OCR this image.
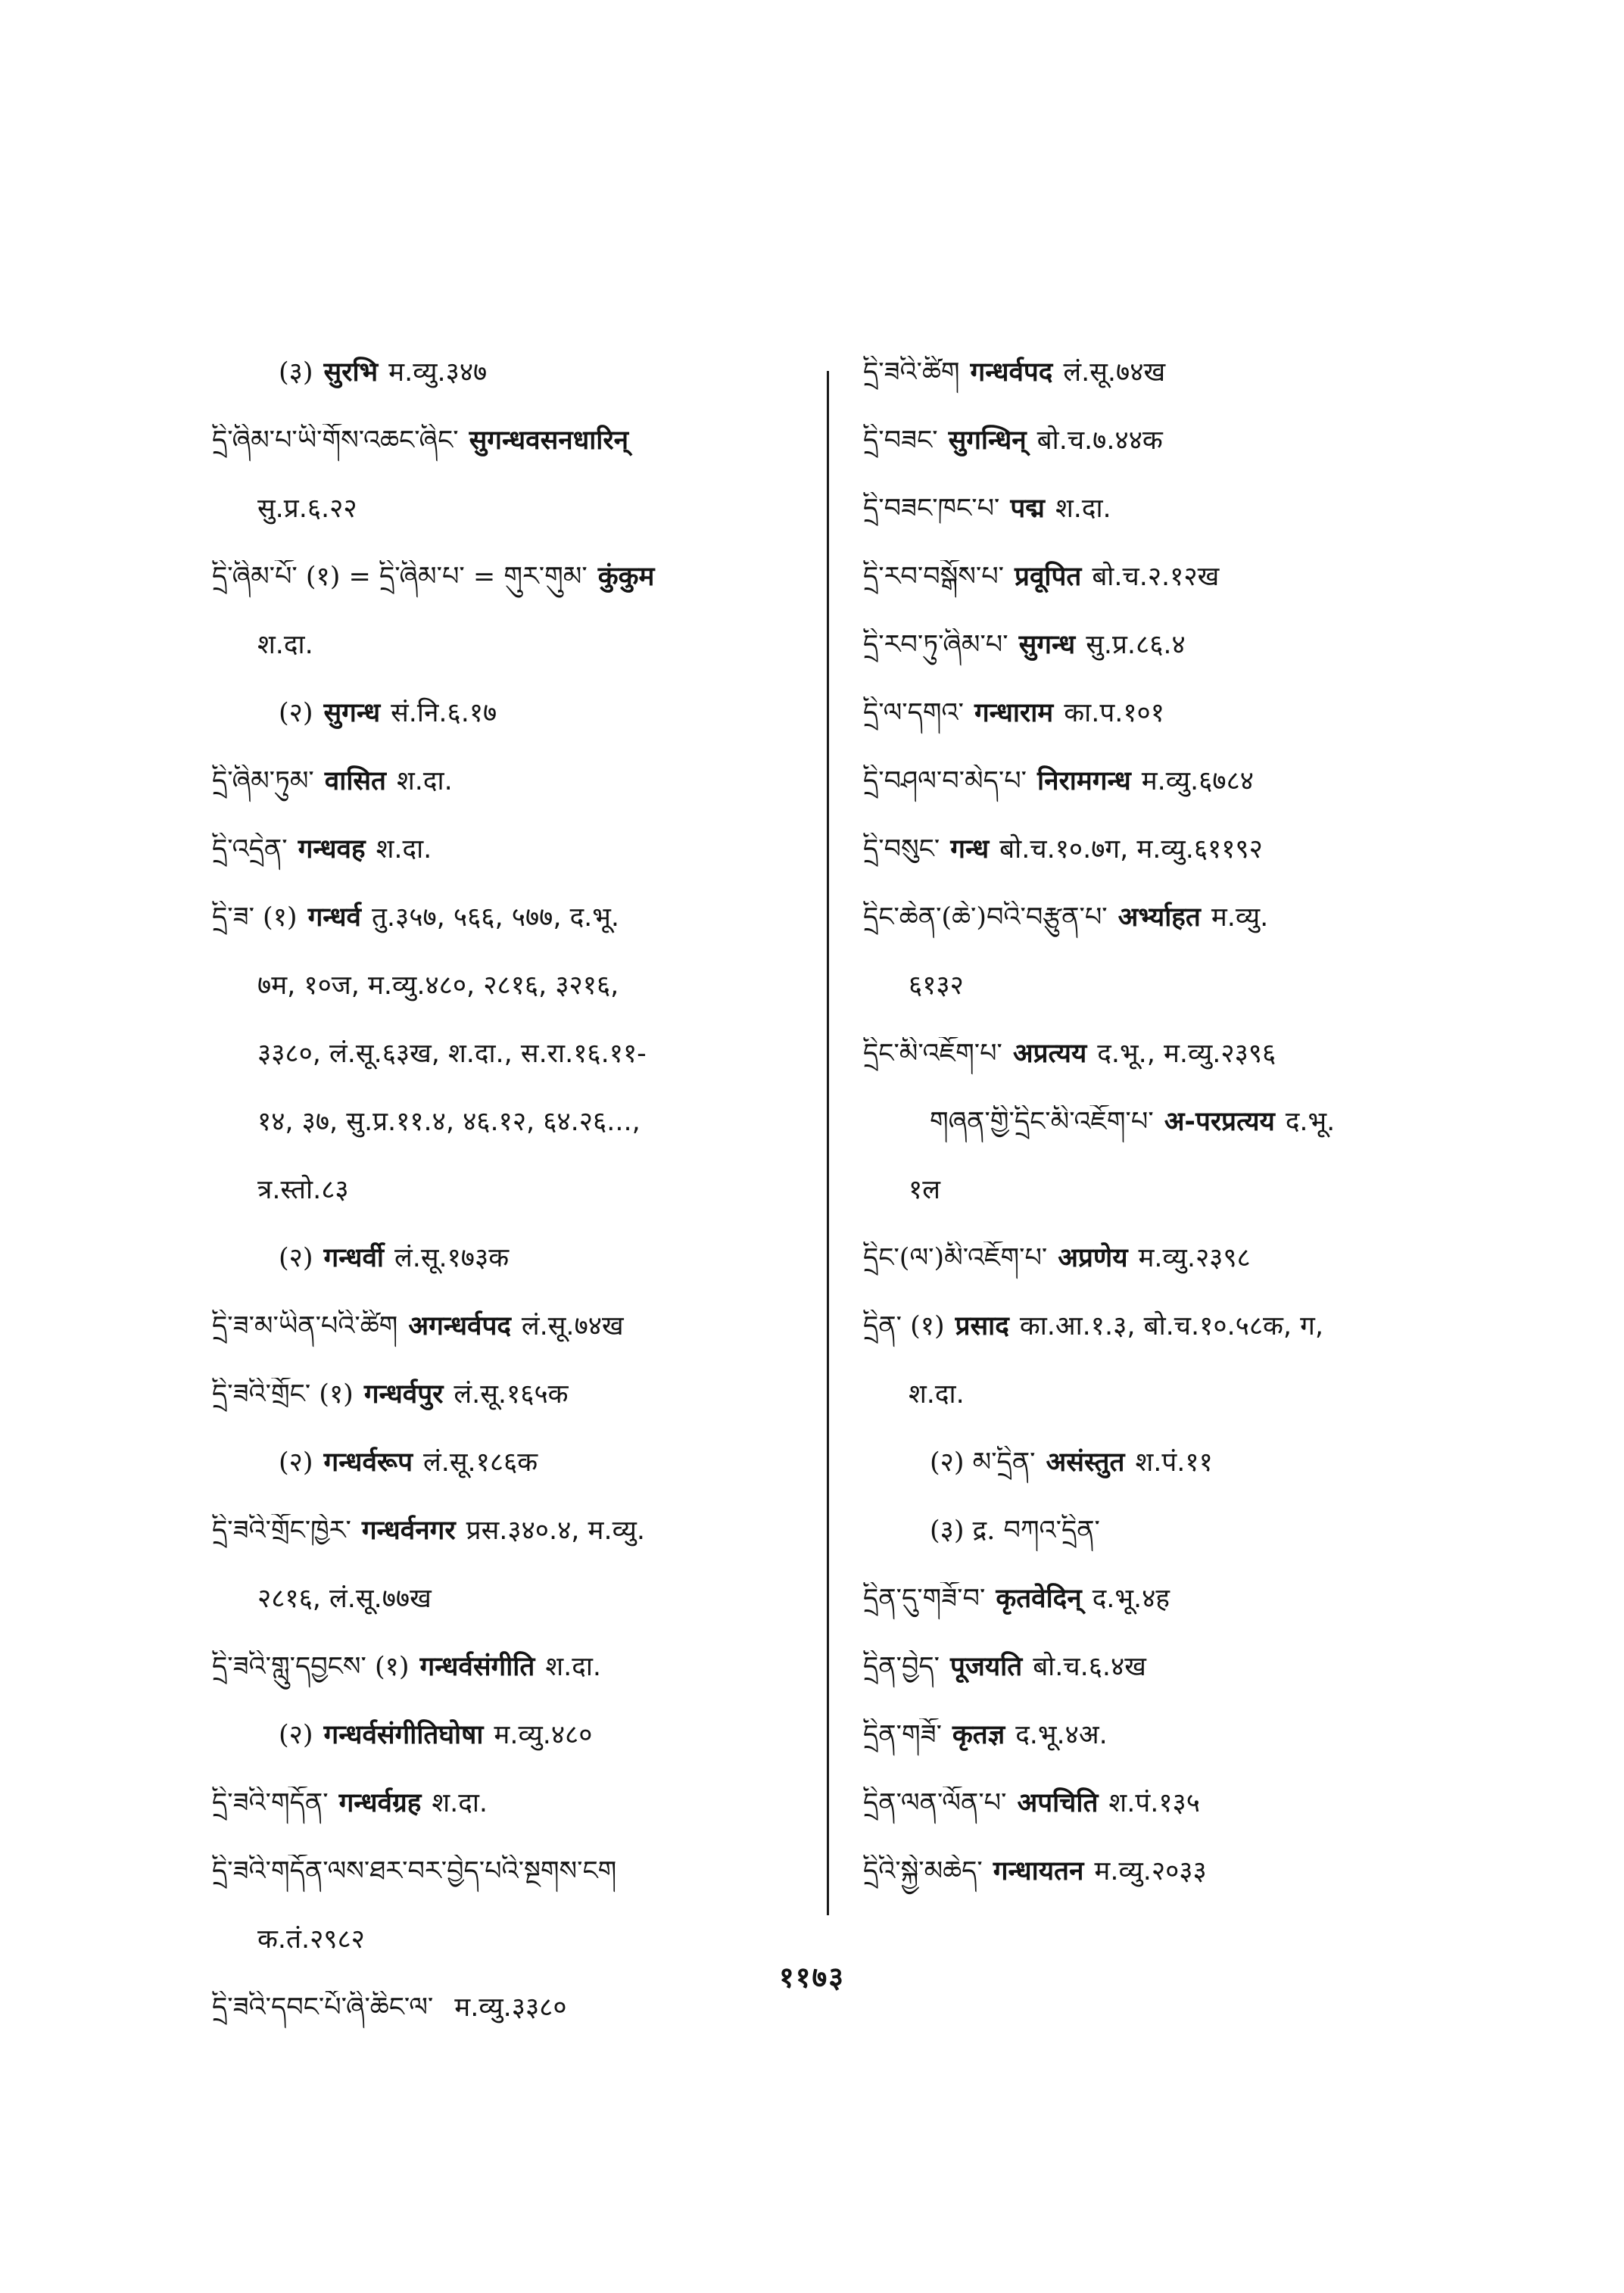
(३) सुरभि म.व्यु.३४७

དྲི་ཞིམ་པ་ཡི་གོས་འཆང་ཞིང་ सुगन्धवसनधारिन्

सु.प्र.६.२२

དྲི་ཞིམ་པོ་ (१) = དྲི་ཞིམ་པ་ = གུར་གུམ་ कुंकुम

श.दा.

(२) सुगन्ध सं.नि.६.१७

དྲི་ཞིམ་ཏུམ་ वासित श.दा.

དྲི་འདྲེན་ गन्धवह श.दा.

དྲི་ཟ་ (१) गन्धर्व तु.३५७, ५६६, ५७७, द.भू.

७म, १०ज, म.व्यु.४८०, २८१६, ३२१६,

३३८०, लं.सू.६३ख, श.दा., स.रा.१६.११-

१४, ३७, सु.प्र.११.४, ४६.१२, ६४.२६...,

त्र.स्तो.८३

(२) गन्धर्वी लं.सू.१७३क

དྲི་ཟ་མ་ཡིན་པའི་ཚིག अगन्धर्वपद लं.सू.७४ख

དྲི་ཟའི་གྲོང་ (१) गन्धर्वपुर लं.सू.१६५क

(२) गन्धर्वरूप लं.सू.१८६क

དྲི་ཟའི་གྲོང་ཁྱེར་ गन्धर्वनगर प्रस.३४०.४, म.व्यु.

२८१६, लं.सू.७७ख

དྲི་ཟའི་གླུ་དབྱངས་ (१) गन्धर्वसंगीति श.दा.

(२) गन्धर्वसंगीतिघोषा म.व्यु.४८०

དྲི་ཟའི་གདོན་ गन्धर्वग्रह श.दा.

དྲི་ཟའི་གདོན་ལས་ཐར་བར་བྱེད་པའི་སྔགས་ངག

क.तं.२९८२

དྲི་ཟའི་དབང་པོ་ཞི་ཆིང་ལ་ म.व्यु.३३८०

དྲི་ཟའི་ཚིག गन्धर्वपद लं.सू.७४ख

དྲི་བཟང་ सुगन्धिन् बो.च.७.४४क

དྲི་བཟང་ཁང་པ་ पद्म श.दा.

དྲི་རབ་བསྒོས་པ་ प्रवूपित बो.च.२.१२ख

དྲི་རབ་ཏུ་ཞིམ་པ་ सुगन्ध सु.प्र.८६.४

དྲི་ལ་དགའ་ गन्धाराम का.प.१०१

དྲི་བཤལ་བ་མེད་པ་ निरामगन्ध म.व्यु.६७८४

དྲི་བསུང་ गन्ध बो.च.१०.७ग, म.व्यु.६११९२

དྲིང་ཆེན་(ཆེ་)བའི་བརྩུན་པ་ अर्भ्याहत म.व्यु.

६१३२

དྲིང་མི་འཇོག་པ་ अप्रत्यय द.भू., म.व्यु.२३९६

གཞན་གྱི་དྲིང་མི་འཇོག་པ་ अ-परप्रत्यय द.भू.

१ल

དྲིང་(ལ་)མི་འཇོག་པ་ अप्रणेय म.व्यु.२३९८

དྲིན་ (१) प्रसाद का.आ.१.३, बो.च.१०.५८क, ग,

श.दा.

(२) མ་དྲིན་ असंस्तुत श.पं.११

(३) द्र. བཀའ་དྲིན་

དྲིན་དུ་གཟོ་བ་ कृतवेदिन् द.भू.४ह

དྲིན་བྱེད་ पूजयति बो.च.६.४ख

དྲིན་གཟོ་ कृतज्ञ द.भू.४अ.

དྲིན་ལན་ལོན་པ་ अपचिति श.पं.१३५

དྲིའི་སྐྱེ་མཆེད་ गन्धायतन म.व्यु.२०३३

११७३
